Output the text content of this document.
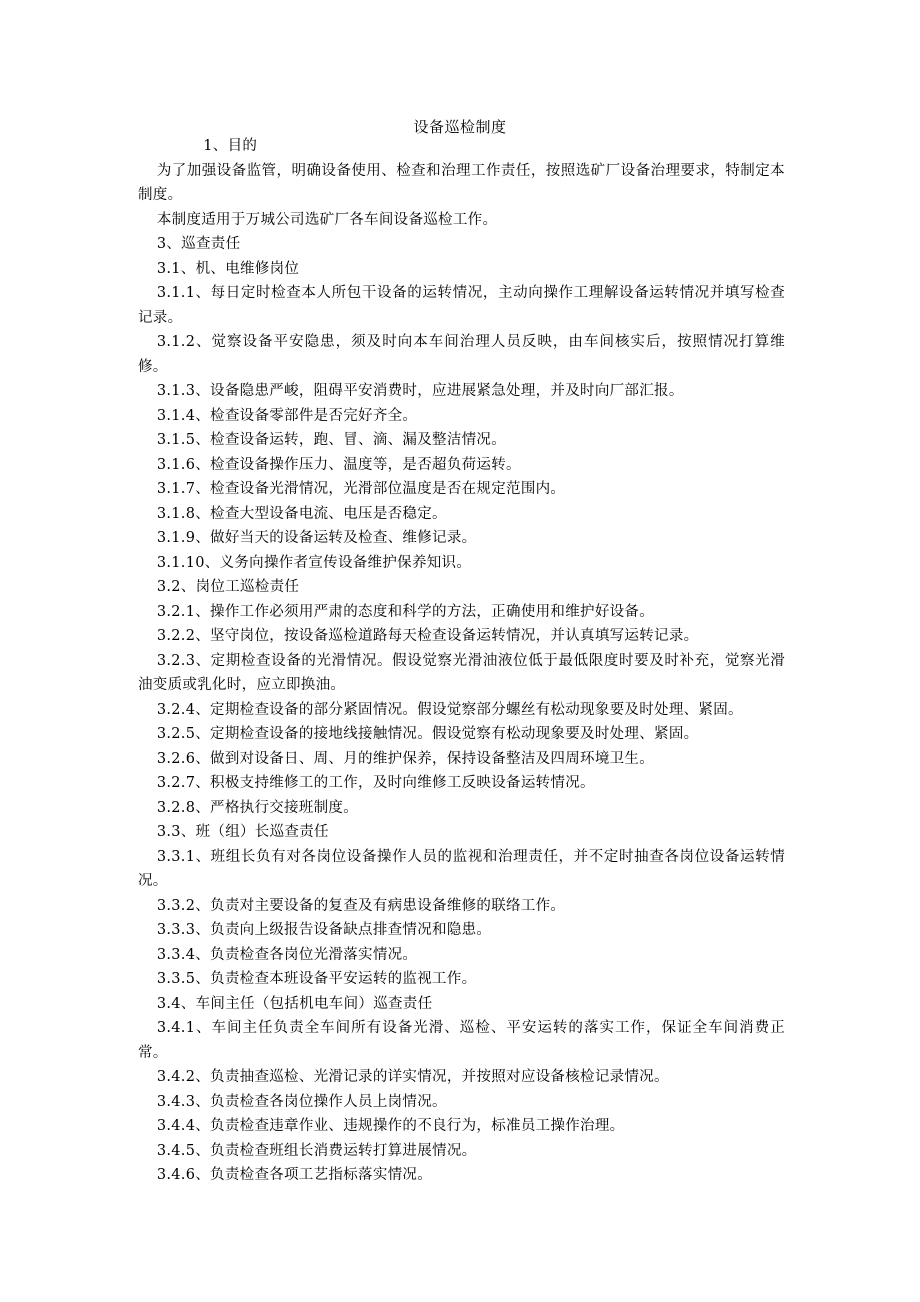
设备巡检制度

1、目的

为了加强设备监管，明确设备使用、检查和治理工作责任，按照选矿厂设备治理要求，特制定本制度。

本制度适用于万城公司选矿厂各车间设备巡检工作。

3、巡查责任

3.1、机、电维修岗位

3.1.1、每日定时检查本人所包干设备的运转情况，主动向操作工理解设备运转情况并填写检查记录。

3.1.2、觉察设备平安隐患，须及时向本车间治理人员反映，由车间核实后，按照情况打算维修。

3.1.3、设备隐患严峻，阻碍平安消费时，应进展紧急处理，并及时向厂部汇报。

3.1.4、检查设备零部件是否完好齐全。

3.1.5、检查设备运转，跑、冒、滴、漏及整洁情况。

3.1.6、检查设备操作压力、温度等，是否超负荷运转。

3.1.7、检查设备光滑情况，光滑部位温度是否在规定范围内。

3.1.8、检查大型设备电流、电压是否稳定。

3.1.9、做好当天的设备运转及检查、维修记录。

3.1.10、义务向操作者宣传设备维护保养知识。

3.2、岗位工巡检责任

3.2.1、操作工作必须用严肃的态度和科学的方法，正确使用和维护好设备。

3.2.2、坚守岗位，按设备巡检道路每天检查设备运转情况，并认真填写运转记录。

3.2.3、定期检查设备的光滑情况。假设觉察光滑油液位低于最低限度时要及时补充，觉察光滑油变质或乳化时，应立即换油。

3.2.4、定期检查设备的部分紧固情况。假设觉察部分螺丝有松动现象要及时处理、紧固。

3.2.5、定期检查设备的接地线接触情况。假设觉察有松动现象要及时处理、紧固。

3.2.6、做到对设备日、周、月的维护保养，保持设备整洁及四周环境卫生。

3.2.7、积极支持维修工的工作，及时向维修工反映设备运转情况。

3.2.8、严格执行交接班制度。

3.3、班（组）长巡查责任

3.3.1、班组长负有对各岗位设备操作人员的监视和治理责任，并不定时抽查各岗位设备运转情况。

3.3.2、负责对主要设备的复查及有病患设备维修的联络工作。

3.3.3、负责向上级报告设备缺点排查情况和隐患。

3.3.4、负责检查各岗位光滑落实情况。

3.3.5、负责检查本班设备平安运转的监视工作。

3.4、车间主任（包括机电车间）巡查责任

3.4.1、车间主任负责全车间所有设备光滑、巡检、平安运转的落实工作，保证全车间消费正常。

3.4.2、负责抽查巡检、光滑记录的详实情况，并按照对应设备核检记录情况。

3.4.3、负责检查各岗位操作人员上岗情况。

3.4.4、负责检查违章作业、违规操作的不良行为，标准员工操作治理。

3.4.5、负责检查班组长消费运转打算进展情况。

3.4.6、负责检查各项工艺指标落实情况。
